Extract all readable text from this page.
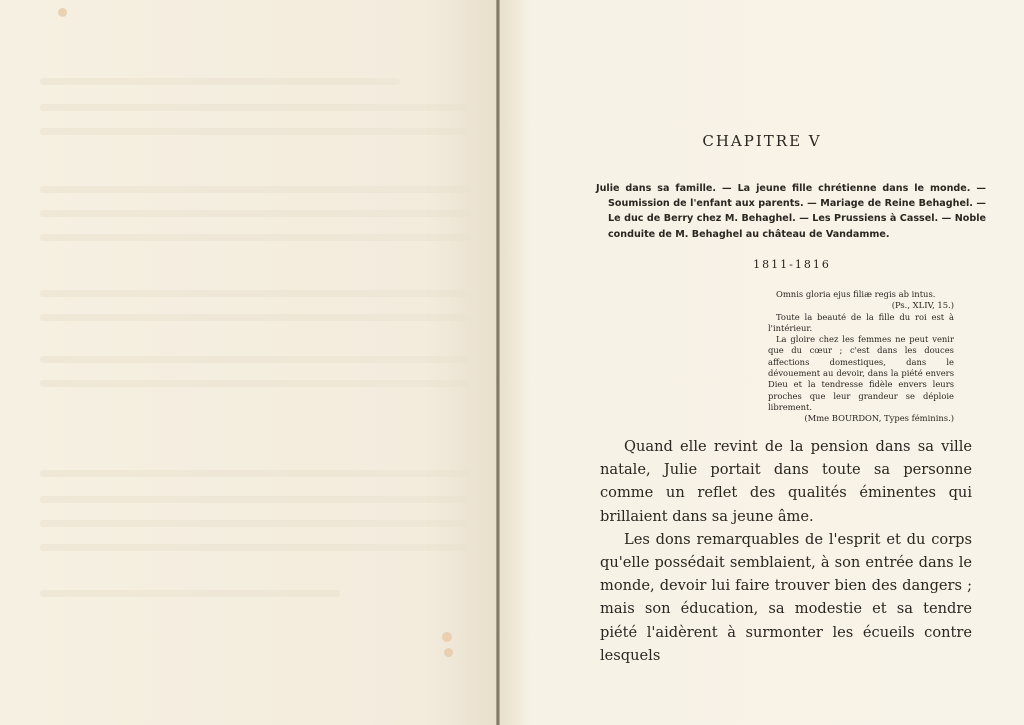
CHAPITRE V
Julie dans sa famille. — La jeune fille chrétienne dans le monde. — Soumission de l'enfant aux parents. — Mariage de Reine Behaghel. — Le duc de Berry chez M. Behaghel. — Les Prussiens à Cassel. — Noble conduite de M. Behaghel au château de Vandamme.
1811-1816

Omnis gloria ejus filiæ regis ab intus.

(Ps., XLIV, 15.)

Toute la beauté de la fille du roi est à l'intérieur.

La gloire chez les femmes ne peut venir que du cœur ; c'est dans les douces affections domestiques, dans le dévouement au devoir, dans la piété envers Dieu et la tendresse fidèle envers leurs proches que leur grandeur se déploie librement.

(Mme BOURDON, Types féminins.)

Quand elle revint de la pension dans sa ville natale, Julie portait dans toute sa personne comme un reflet des qualités éminentes qui brillaient dans sa jeune âme.

Les dons remarquables de l'esprit et du corps qu'elle possédait semblaient, à son entrée dans le monde, devoir lui faire trouver bien des dangers ; mais son éducation, sa modestie et sa tendre piété l'aidèrent à surmonter les écueils contre lesquels
